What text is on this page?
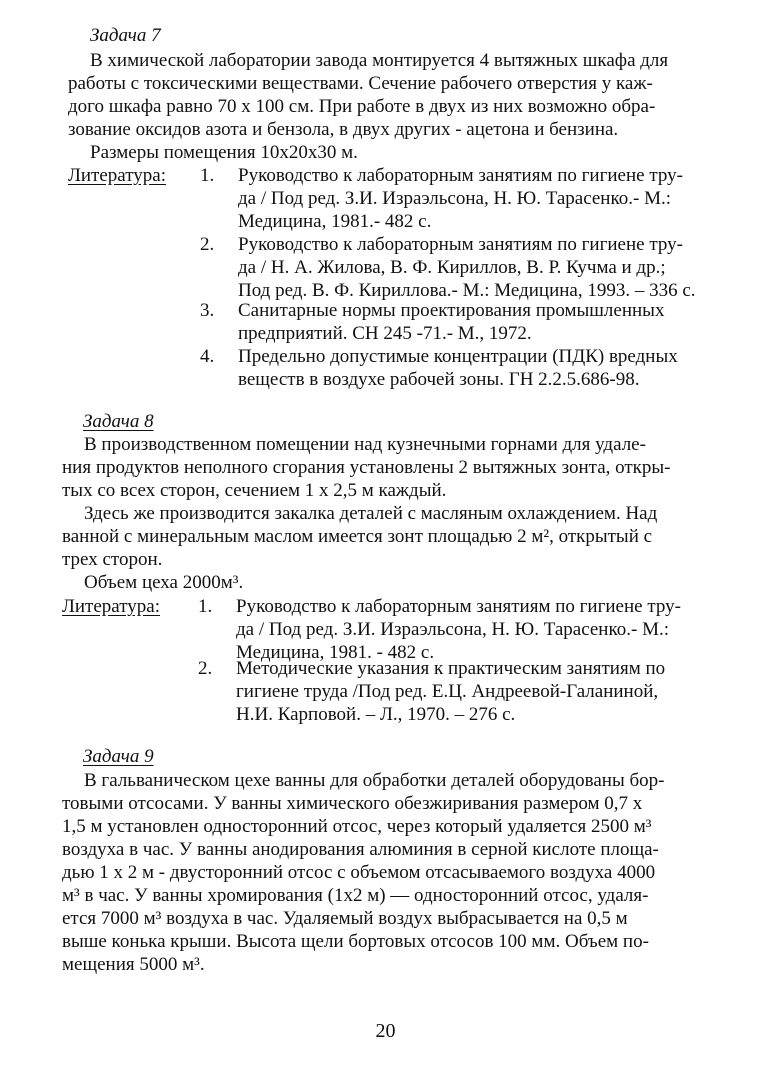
Задача 7
В химической лаборатории завода монтируется 4 вытяжных шкафа для
работы с токсическими веществами. Сечение рабочего отверстия у каж-
дого шкафа равно 70 х 100 см. При работе в двух из них возможно обра-
зование оксидов азота и бензола, в двух других - ацетона и бензина.
Размеры помещения 10х20х30 м.
Литература: 1.	Руководство к лабораторным занятиям по гигиене тру-
да / Под ред. З.И. Израэльсона, Н. Ю. Тарасенко.- М.:
Медицина, 1981.- 482 с.
2.	Руководство к лабораторным занятиям по гигиене тру-
да / Н. А. Жилова, В. Ф. Кириллов, В. Р. Кучма и др.;
Под ред. В. Ф. Кириллова.- М.: Медицина, 1993. – 336 с.
3.	Санитарные нормы проектирования промышленных
предприятий. СН 245 -71.- М., 1972.
4.	Предельно допустимые концентрации (ПДК) вредных
веществ в воздухе рабочей зоны. ГН 2.2.5.686-98.
Задача 8
В производственном помещении над кузнечными горнами для удале-
ния продуктов неполного сгорания установлены 2 вытяжных зонта, откры-
тых со всех сторон, сечением 1 х 2,5 м каждый.
Здесь же производится закалка деталей с масляным охлаждением. Над
ванной с минеральным маслом имеется зонт площадью 2 м², открытый с
трех сторон.
Объем цеха 2000м³.
Литература: 1.	Руководство к лабораторным занятиям по гигиене тру-
да / Под ред. З.И. Израэльсона, Н. Ю. Тарасенко.- М.:
Медицина, 1981. - 482 с.
2.	Методические указания к практическим занятиям по
гигиене труда /Под ред. Е.Ц. Андреевой-Галаниной,
Н.И. Карповой. – Л., 1970. – 276 с.
Задача 9
В гальваническом цехе ванны для обработки деталей оборудованы бор-
товыми отсосами. У ванны химического обезжиривания размером 0,7 х
1,5 м установлен односторонний отсос, через который удаляется 2500 м³
воздуха в час. У ванны анодирования алюминия в серной кислоте площа-
дью 1 х 2 м - двусторонний отсос с объемом отсасываемого воздуха 4000
м³ в час. У ванны хромирования (1х2 м) — односторонний отсос, удаля-
ется 7000 м³ воздуха в час. Удаляемый воздух выбрасывается на 0,5 м
выше конька крыши. Высота щели бортовых отсосов 100 мм. Объем по-
мещения 5000 м³.
20
